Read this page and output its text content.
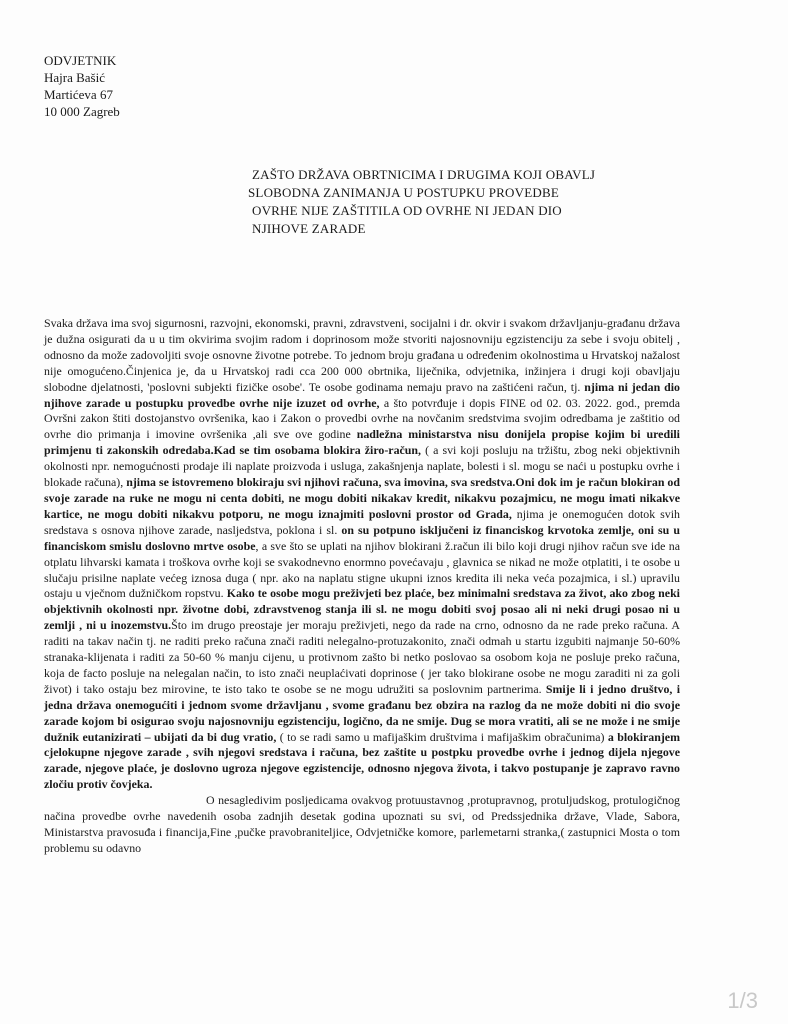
ODVJETNIK
Hajra Bašić
Martićeva 67
10 000 Zagreb
ZAŠTO DRŽAVA OBRTNICIMA I DRUGIMA KOJI OBAVLJ
SLOBODNA ZANIMANJA U POSTUPKU PROVEDBE
OVRHE NIJE ZAŠTITILA OD OVRHE NI JEDAN DIO
NJIHOVE ZARADE

Svaka država ima svoj sigurnosni, razvojni, ekonomski, pravni, zdravstveni, socijalni i dr. okvir i svakom državljanju-građanu država je dužna osigurati da u u tim okvirima svojim radom i doprinosom može stvoriti najosnovniju egzistenciju za sebe i svoju obitelj , odnosno da može zadovoljiti svoje osnovne životne potrebe. To jednom broju građana u određenim okolnostima u Hrvatskoj nažalost nije omogućeno.Činjenica je, da u Hrvatskoj radi cca 200 000 obrtnika, liječnika, odvjetnika, inžinjera i drugi koji obavljaju slobodne djelatnosti, 'poslovni subjekti fizičke osobe'. Te osobe godinama nemaju pravo na zaštićeni račun, tj. njima ni jedan dio njihove zarade u postupku provedbe ovrhe nije izuzet od ovrhe, a što potvrđuje i dopis FINE od 02. 03. 2022. god., premda Ovršni zakon štiti dostojanstvo ovršenika, kao i Zakon o provedbi ovrhe na novčanim sredstvima svojim odredbama je zaštitio od ovrhe dio primanja i imovine ovršenika ,ali sve ove godine nadležna ministarstva nisu donijela propise kojim bi uredili primjenu ti zakonskih odredaba.Kad se tim osobama blokira žiro-račun, ( a svi koji posluju na tržištu, zbog neki objektivnih okolnosti npr. nemogućnosti prodaje ili naplate proizvoda i usluga, zakašnjenja naplate, bolesti i sl. mogu se naći u postupku ovrhe i blokade računa), njima se istovremeno blokiraju svi njihovi računa, sva imovina, sva sredstva.Oni dok im je račun blokiran od svoje zarade na ruke ne mogu ni centa dobiti, ne mogu dobiti nikakav kredit, nikakvu pozajmicu, ne mogu imati nikakve kartice, ne mogu dobiti nikakvu potporu, ne mogu iznajmiti poslovni prostor od Grada, njima je onemogućen dotok svih sredstava s osnova njihove zarade, nasljedstva, poklona i sl. on su potpuno isključeni iz financiskog krvotoka zemlje, oni su u financiskom smislu doslovno mrtve osobe, a sve što se uplati na njihov blokirani ž.račun ili bilo koji drugi njihov račun sve ide na otplatu lihvarski kamata i troškova ovrhe koji se svakodnevno enormno povećavaju , glavnica se nikad ne može otplatiti, i te osobe u slučaju prisilne naplate većeg iznosa duga ( npr. ako na naplatu stigne ukupni iznos kredita ili neka veća pozajmica, i sl.) upravilu ostaju u vječnom dužničkom ropstvu. Kako te osobe mogu preživjeti bez plaće, bez minimalni sredstava za život, ako zbog neki objektivnih okolnosti npr. životne dobi, zdravstvenog stanja ili sl. ne mogu dobiti svoj posao ali ni neki drugi posao ni u zemlji , ni u inozemstvu.Što im drugo preostaje jer moraju preživjeti, nego da rade na crno, odnosno da ne rade preko računa. A raditi na takav način tj. ne raditi preko računa znači raditi nelegalno-protuzakonito, znači odmah u startu izgubiti najmanje 50-60% stranaka-klijenata i raditi za 50-60 % manju cijenu, u protivnom zašto bi netko poslovao sa osobom koja ne posluje preko računa, koja de facto posluje na nelegalan način, to isto znači neuplaćivati doprinose ( jer tako blokirane osobe ne mogu zaraditi ni za goli život) i tako ostaju bez mirovine, te isto tako te osobe se ne mogu udružiti sa poslovnim partnerima. Smije li i jedno društvo, i jedna država onemogućiti i jednom svome državljanu , svome građanu bez obzira na razlog da ne može dobiti ni dio svoje zarade kojom bi osigurao svoju najosnovniju egzistenciju, logično, da ne smije. Dug se mora vratiti, ali se ne može i ne smije dužnik eutanizirati – ubijati da bi dug vratio, ( to se radi samo u mafijaškim društvima i mafijaškim obračunima) a blokiranjem cjelokupne njegove zarade , svih njegovi sredstava i računa, bez zaštite u postpku provedbe ovrhe i jednog dijela njegove zarade, njegove plaće, je doslovno ugroza njegove egzistencije, odnosno njegova života, i takvo postupanje je zapravo ravno zločiu protiv čovjeka.

O nesagledivim posljedicama ovakvog protuustavnog ,protupravnog, protuljudskog, protulogičnog načina provedbe ovrhe navedenih osoba zadnjih desetak godina upoznati su svi, od Predssjednika države, Vlade, Sabora, Ministarstva pravosuđa i financija,Fine ,pučke pravobraniteljice, Odvjetničke komore, parlemetarni stranka,( zastupnici Mosta o tom problemu su odavno

1/3
